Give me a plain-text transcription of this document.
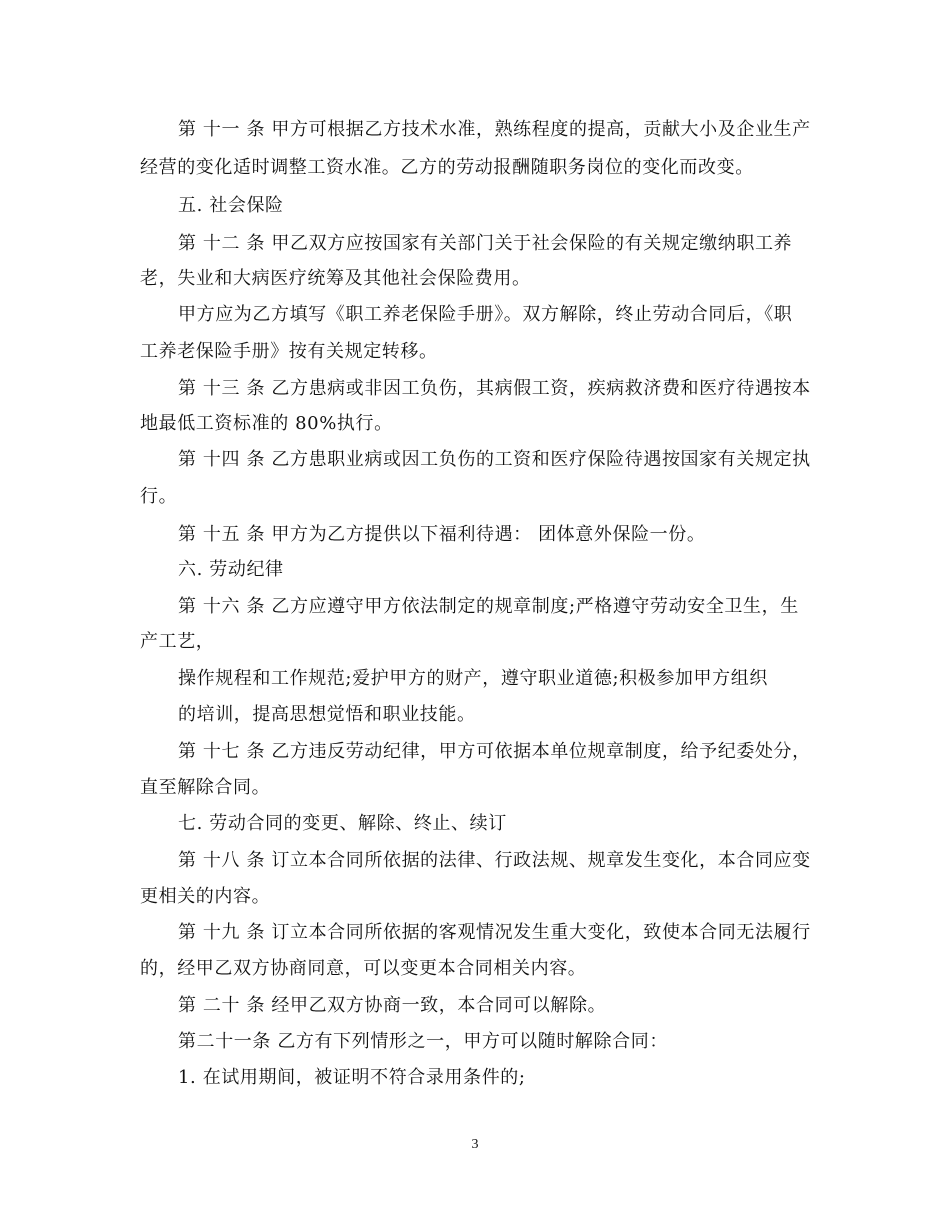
第 十一 条 甲方可根据乙方技术水准，熟练程度的提高，贡献大小及企业生产
经营的变化适时调整工资水准。乙方的劳动报酬随职务岗位的变化而改变。
五. 社会保险
第 十二 条 甲乙双方应按国家有关部门关于社会保险的有关规定缴纳职工养
老，失业和大病医疗统筹及其他社会保险费用。
甲方应为乙方填写《职工养老保险手册》。双方解除，终止劳动合同后，《职
工养老保险手册》按有关规定转移。
第 十三 条 乙方患病或非因工负伤，其病假工资，疾病救济费和医疗待遇按本
地最低工资标准的 80%执行。
第 十四 条 乙方患职业病或因工负伤的工资和医疗保险待遇按国家有关规定执
行。
第 十五 条 甲方为乙方提供以下福利待遇： 团体意外保险一份。
六. 劳动纪律
第 十六 条 乙方应遵守甲方依法制定的规章制度;严格遵守劳动安全卫生，生
产工艺，
操作规程和工作规范;爱护甲方的财产，遵守职业道德;积极参加甲方组织
的培训，提高思想觉悟和职业技能。
第 十七 条 乙方违反劳动纪律，甲方可依据本单位规章制度，给予纪委处分，
直至解除合同。
七. 劳动合同的变更、解除、终止、续订
第 十八 条 订立本合同所依据的法律、行政法规、规章发生变化，本合同应变
更相关的内容。
第 十九 条 订立本合同所依据的客观情况发生重大变化，致使本合同无法履行
的，经甲乙双方协商同意，可以变更本合同相关内容。
第 二十 条 经甲乙双方协商一致，本合同可以解除。
第二十一条 乙方有下列情形之一，甲方可以随时解除合同：
1. 在试用期间，被证明不符合录用条件的;
3
